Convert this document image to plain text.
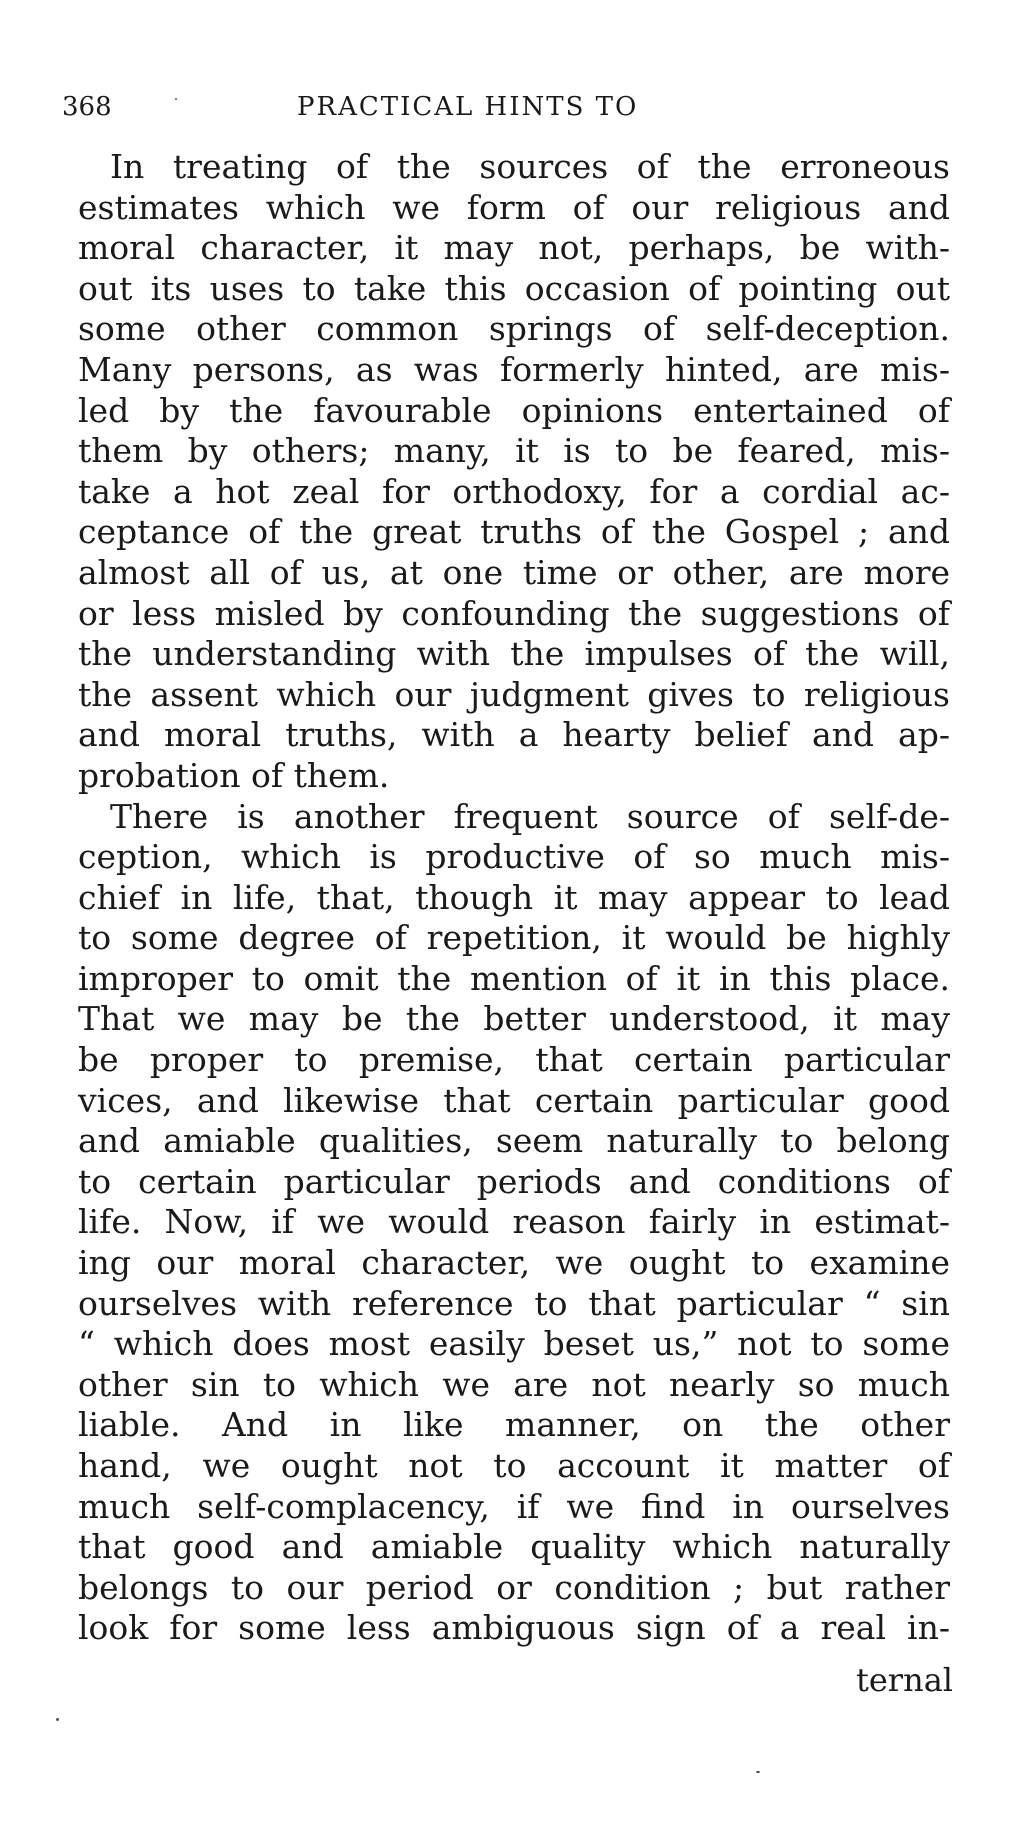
368	PRACTICAL HINTS TO
In treating of the sources of the erroneous
estimates which we form of our religious and
moral character, it may not, perhaps, be with-
out its uses to take this occasion of pointing out
some other common springs of self-deception.
Many persons, as was formerly hinted, are mis-
led by the favourable opinions entertained of
them by others; many, it is to be feared, mis-
take a hot zeal for orthodoxy, for a cordial ac-
ceptance of the great truths of the Gospel ; and
almost all of us, at one time or other, are more
or less misled by confounding the suggestions of
the understanding with the impulses of the will,
the assent which our judgment gives to religious
and moral truths, with a hearty belief and ap-
probation of them.
There is another frequent source of self-de-
ception, which is productive of so much mis-
chief in life, that, though it may appear to lead
to some degree of repetition, it would be highly
improper to omit the mention of it in this place.
That we may be the better understood, it may
be proper to premise, that certain particular
vices, and likewise that certain particular good
and amiable qualities, seem naturally to belong
to certain particular periods and conditions of
life. Now, if we would reason fairly in estimat-
ing our moral character, we ought to examine
ourselves with reference to that particular “ sin
“ which does most easily beset us,” not to some
other sin to which we are not nearly so much
liable. And in like manner, on the other
hand, we ought not to account it matter of
much self-complacency, if we find in ourselves
that good and amiable quality which naturally
belongs to our period or condition ; but rather
look for some less ambiguous sign of a real in-
ternal
